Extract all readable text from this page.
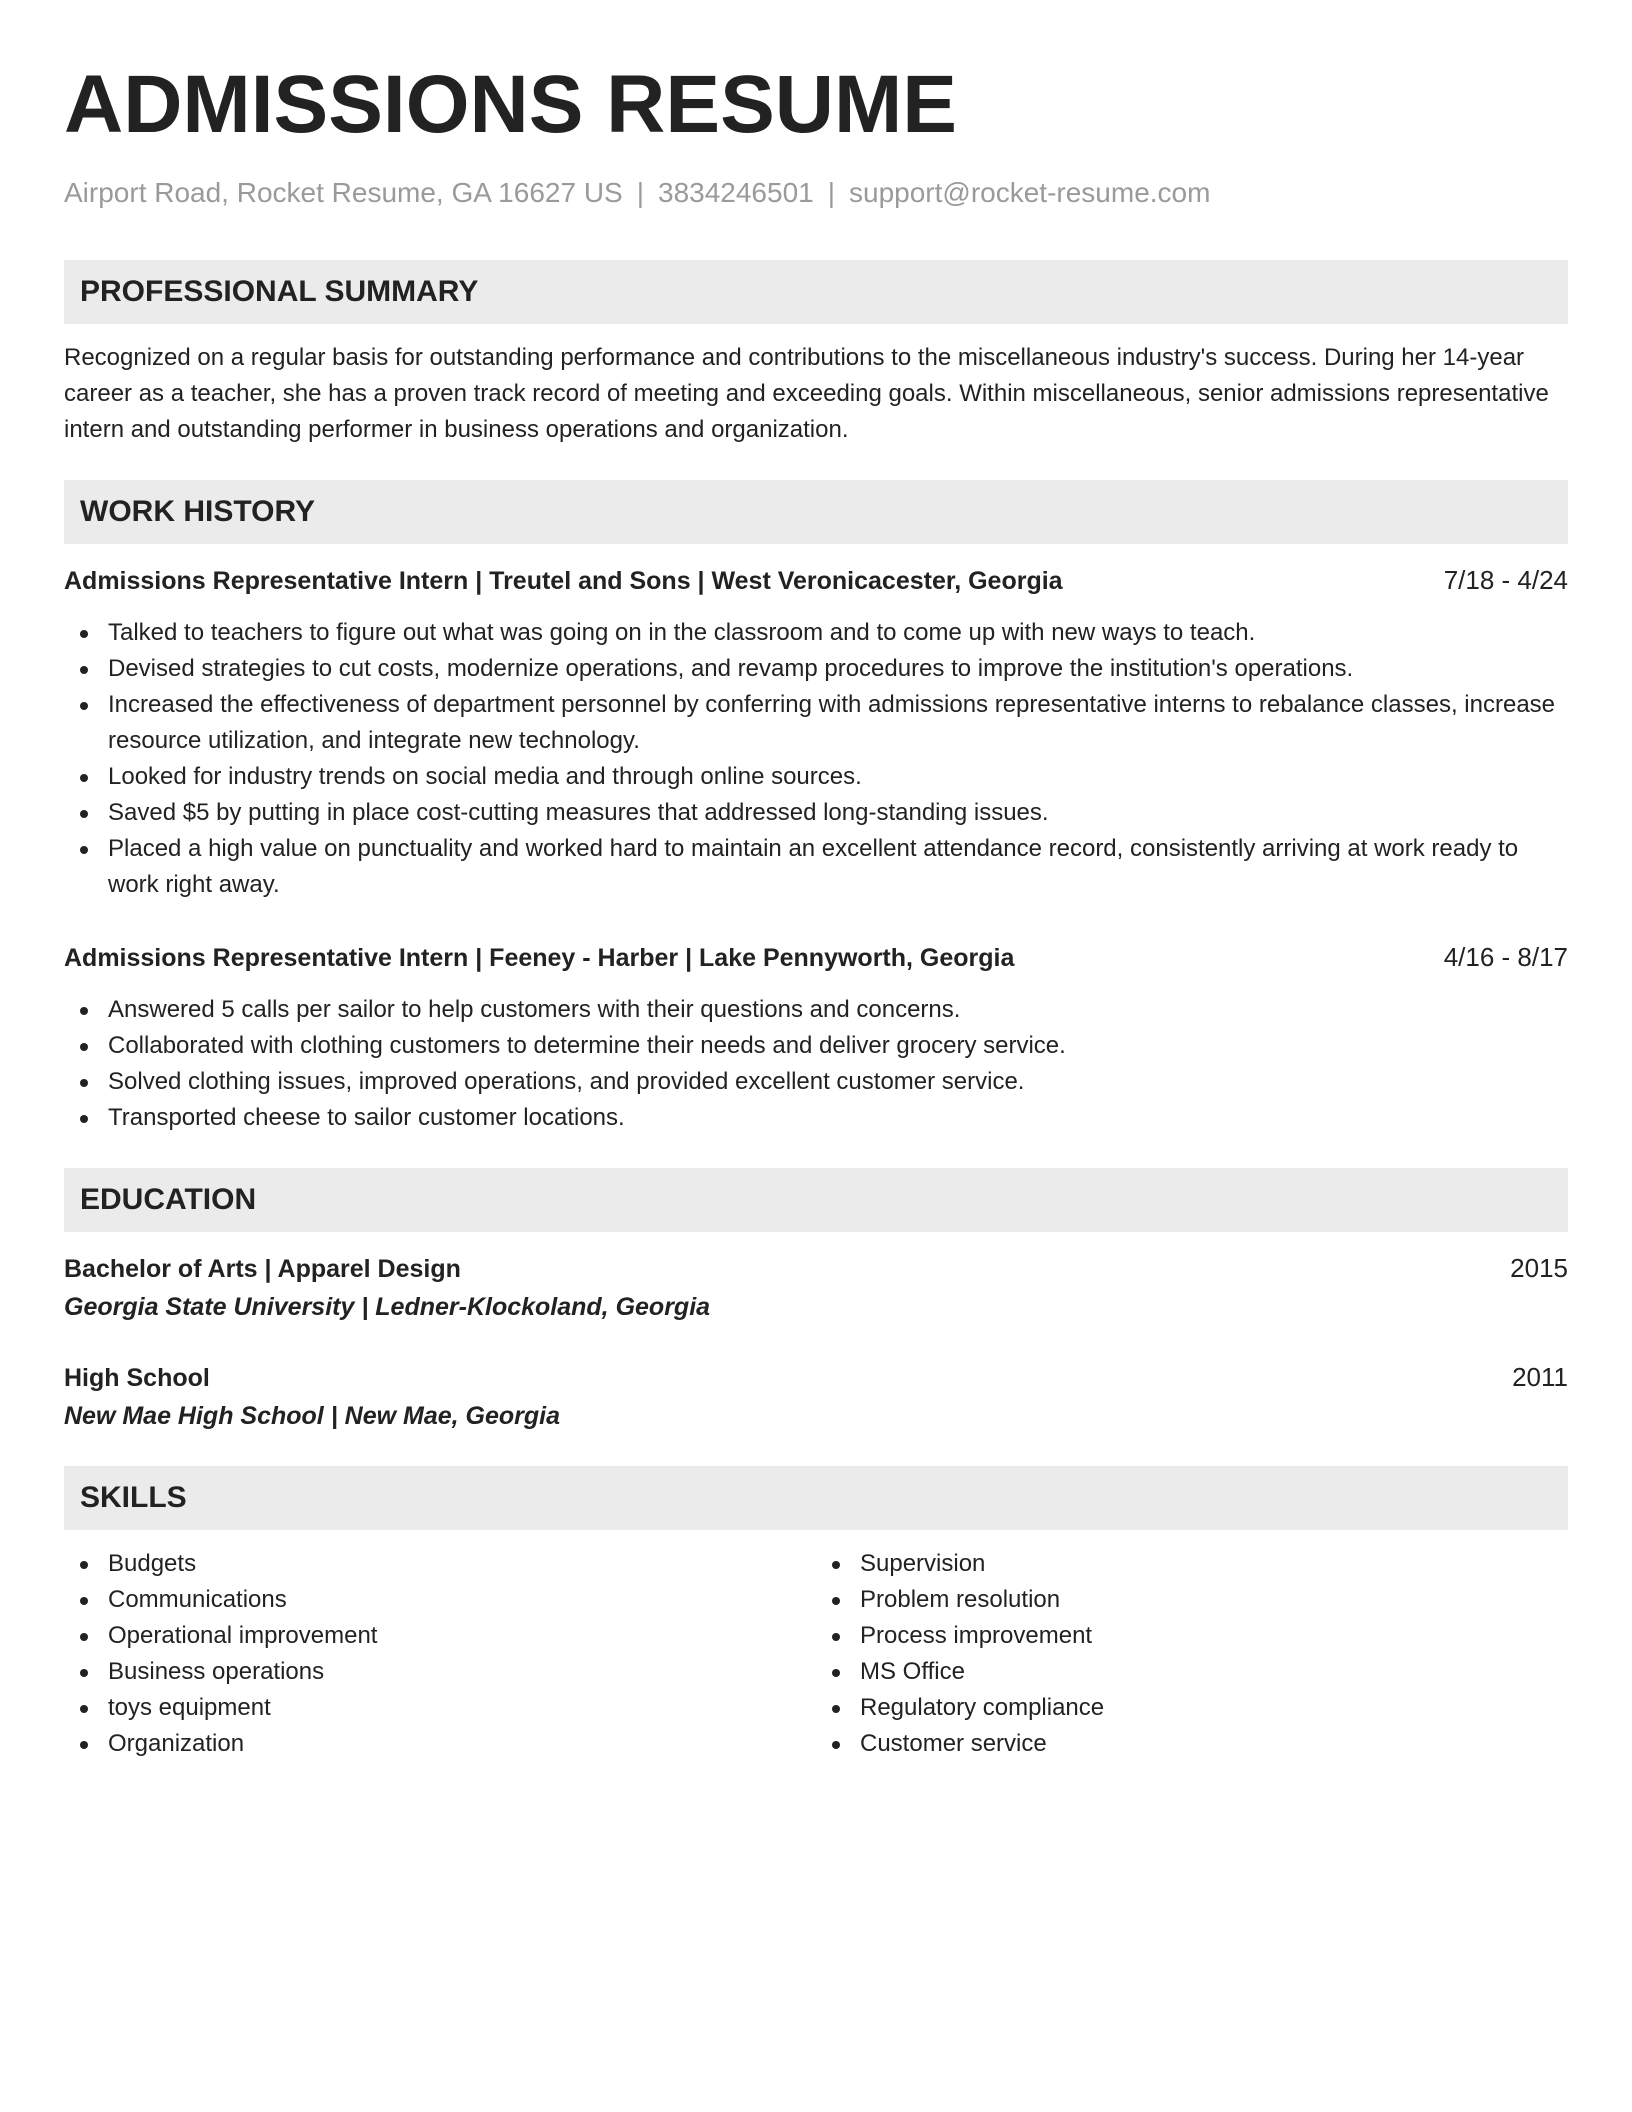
ADMISSIONS RESUME
Airport Road, Rocket Resume, GA 16627 US | 3834246501 | support@rocket-resume.com
PROFESSIONAL SUMMARY
Recognized on a regular basis for outstanding performance and contributions to the miscellaneous industry's success. During her 14-year career as a teacher, she has a proven track record of meeting and exceeding goals. Within miscellaneous, senior admissions representative intern and outstanding performer in business operations and organization.
WORK HISTORY
Admissions Representative Intern | Treutel and Sons | West Veronicacester, Georgia	7/18 - 4/24
Talked to teachers to figure out what was going on in the classroom and to come up with new ways to teach.
Devised strategies to cut costs, modernize operations, and revamp procedures to improve the institution's operations.
Increased the effectiveness of department personnel by conferring with admissions representative interns to rebalance classes, increase resource utilization, and integrate new technology.
Looked for industry trends on social media and through online sources.
Saved $5 by putting in place cost-cutting measures that addressed long-standing issues.
Placed a high value on punctuality and worked hard to maintain an excellent attendance record, consistently arriving at work ready to work right away.
Admissions Representative Intern | Feeney - Harber | Lake Pennyworth, Georgia	4/16 - 8/17
Answered 5 calls per sailor to help customers with their questions and concerns.
Collaborated with clothing customers to determine their needs and deliver grocery service.
Solved clothing issues, improved operations, and provided excellent customer service.
Transported cheese to sailor customer locations.
EDUCATION
Bachelor of Arts | Apparel Design	2015
Georgia State University | Ledner-Klockoland, Georgia
High School	2011
New Mae High School | New Mae, Georgia
SKILLS
Budgets
Communications
Operational improvement
Business operations
toys equipment
Organization
Supervision
Problem resolution
Process improvement
MS Office
Regulatory compliance
Customer service
